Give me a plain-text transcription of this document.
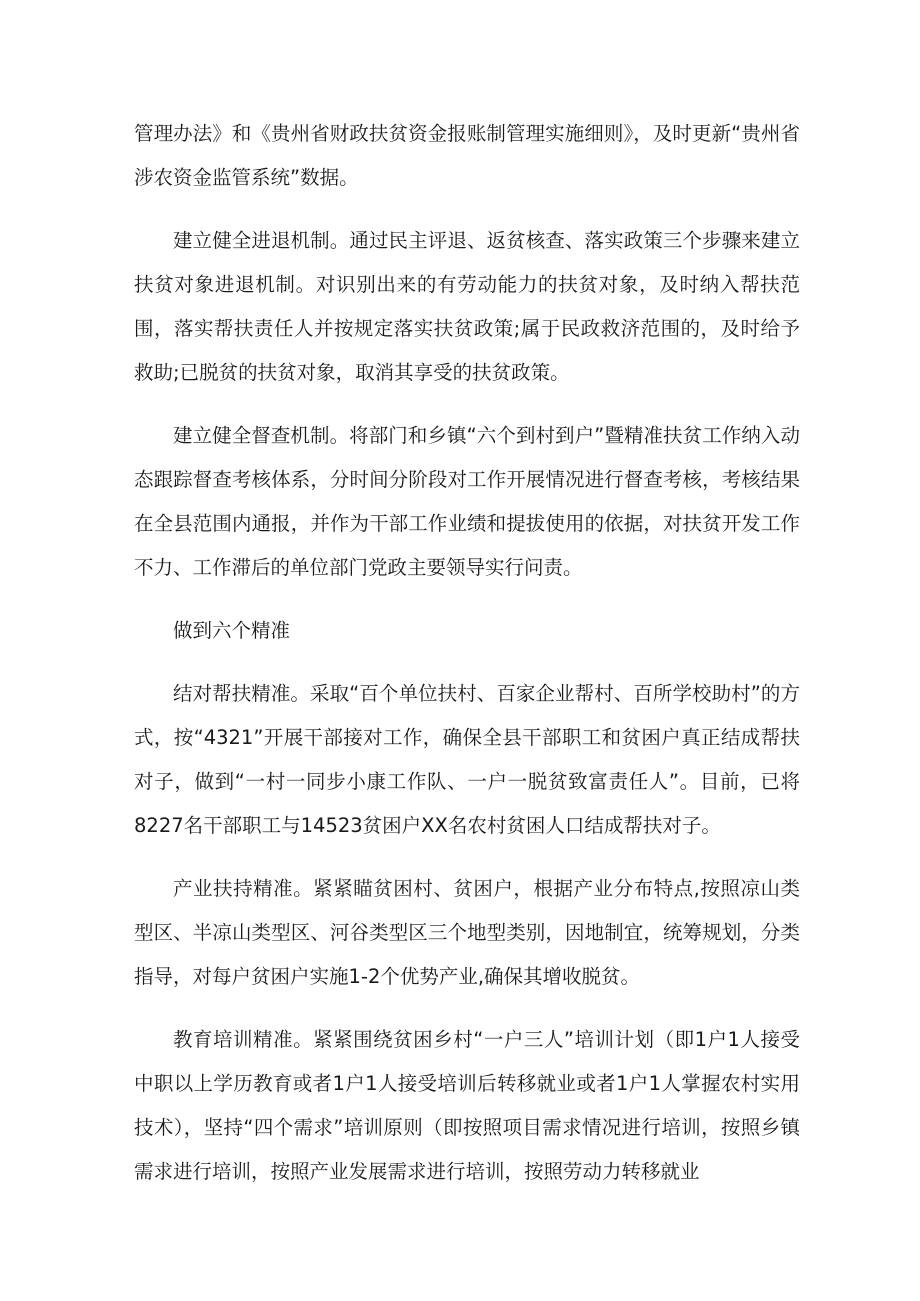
管理办法》和《贵州省财政扶贫资金报账制管理实施细则》，及时更新“贵州省涉农资金监管系统”数据。

建立健全进退机制。通过民主评退、返贫核查、落实政策三个步骤来建立扶贫对象进退机制。对识别出来的有劳动能力的扶贫对象，及时纳入帮扶范围，落实帮扶责任人并按规定落实扶贫政策;属于民政救济范围的，及时给予救助;已脱贫的扶贫对象，取消其享受的扶贫政策。

建立健全督查机制。将部门和乡镇“六个到村到户”暨精准扶贫工作纳入动态跟踪督查考核体系，分时间分阶段对工作开展情况进行督查考核，考核结果在全县范围内通报，并作为干部工作业绩和提拔使用的依据，对扶贫开发工作不力、工作滞后的单位部门党政主要领导实行问责。

做到六个精准

结对帮扶精准。采取“百个单位扶村、百家企业帮村、百所学校助村”的方式，按“4321”开展干部接对工作，确保全县干部职工和贫困户真正结成帮扶对子，做到“一村一同步小康工作队、一户一脱贫致富责任人”。目前，已将8227名干部职工与14523贫困户XX名农村贫困人口结成帮扶对子。

产业扶持精准。紧紧瞄贫困村、贫困户，根据产业分布特点,按照凉山类型区、半凉山类型区、河谷类型区三个地型类别，因地制宜，统筹规划，分类指导，对每户贫困户实施1-2个优势产业,确保其增收脱贫。

教育培训精准。紧紧围绕贫困乡村“一户三人”培训计划（即1户1人接受中职以上学历教育或者1户1人接受培训后转移就业或者1户1人掌握农村实用技术），坚持“四个需求”培训原则（即按照项目需求情况进行培训，按照乡镇需求进行培训，按照产业发展需求进行培训，按照劳动力转移就业
